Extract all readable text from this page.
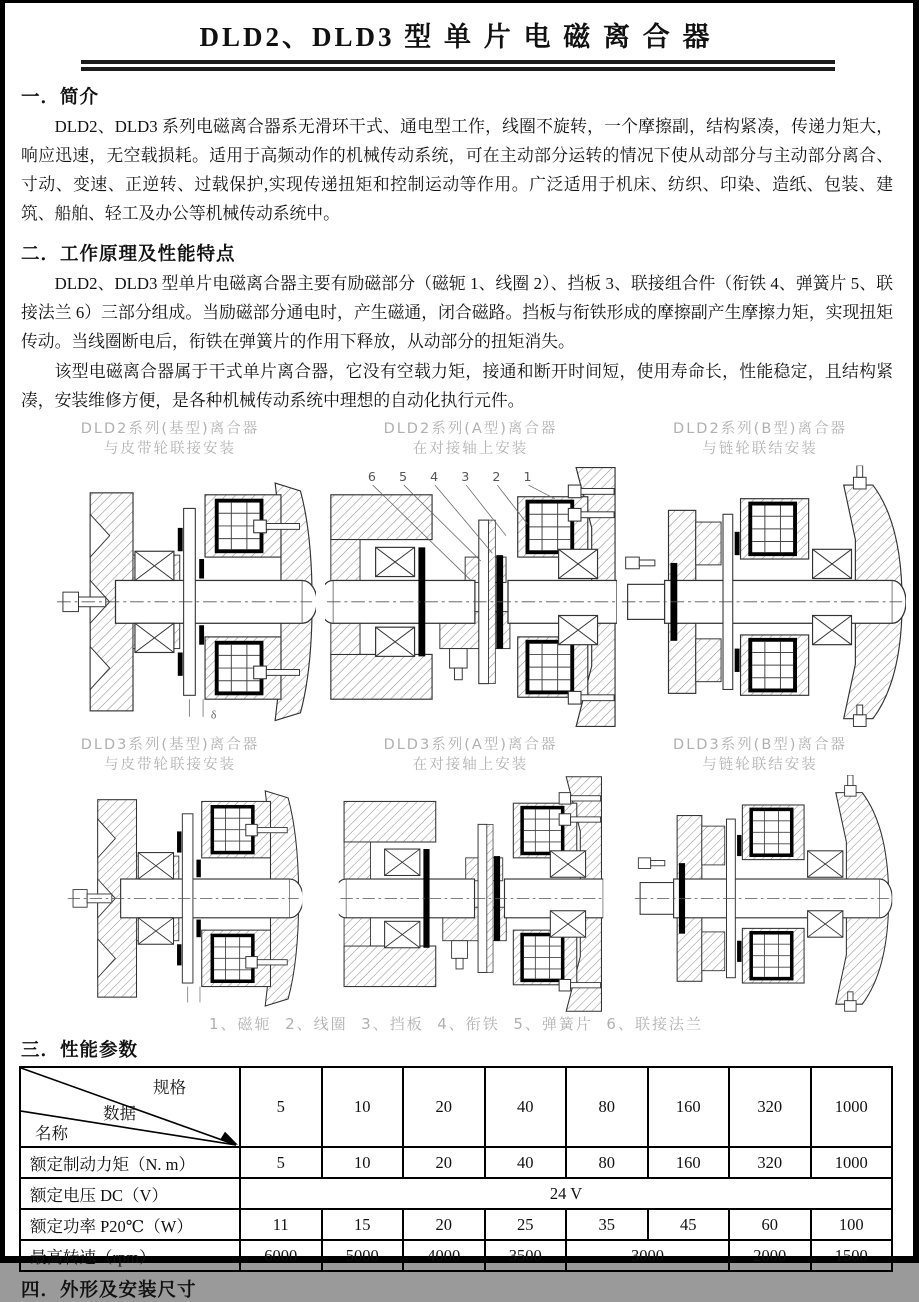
DLD2、DLD3 型 单 片 电 磁 离 合 器
一．简介

DLD2、DLD3 系列电磁离合器系无滑环干式、通电型工作，线圈不旋转，一个摩擦副，结构紧凑，传递力矩大，响应迅速，无空载损耗。适用于高频动作的机械传动系统，可在主动部分运转的情况下使从动部分与主动部分离合、寸动、变速、正逆转、过载保护,实现传递扭矩和控制运动等作用。广泛适用于机床、纺织、印染、造纸、包装、建筑、船舶、轻工及办公等机械传动系统中。

二．工作原理及性能特点

DLD2、DLD3 型单片电磁离合器主要有励磁部分（磁轭 1、线圈 2）、挡板 3、联接组合件（衔铁 4、弹簧片 5、联接法兰 6）三部分组成。当励磁部分通电时，产生磁通，闭合磁路。挡板与衔铁形成的摩擦副产生摩擦力矩，实现扭矩传动。当线圈断电后，衔铁在弹簧片的作用下释放，从动部分的扭矩消失。

该型电磁离合器属于干式单片离合器，它没有空载力矩，接通和断开时间短，使用寿命长，性能稳定，且结构紧凑，安装维修方便，是各种机械传动系统中理想的自动化执行元件。

DLD2系列(基型)离合器
与皮带轮联接安装
δ
DLD2系列(A型)离合器
在对接轴上安装
6 5 4 3 2 1
DLD2系列(B型)离合器
与链轮联结安装
DLD3系列(基型)离合器
与皮带轮联接安装
DLD3系列(A型)离合器
在对接轴上安装
DLD3系列(B型)离合器
与链轮联结安装
1、磁轭  2、线圈  3、挡板  4、衔铁  5、弹簧片  6、联接法兰
三．性能参数
规格
数据
名称	5	10	20	40	80	160	320	1000
额定制动力矩（N. m）	5	10	20	40	80	160	320	1000
额定电压 DC（V）	24 V							
额定功率 P20℃（W）	11	15	20	25	35	45	60	100
最高转速（rpm）	6000	5000	4000	3500	3000		2000	1500
四．外形及安装尺寸
